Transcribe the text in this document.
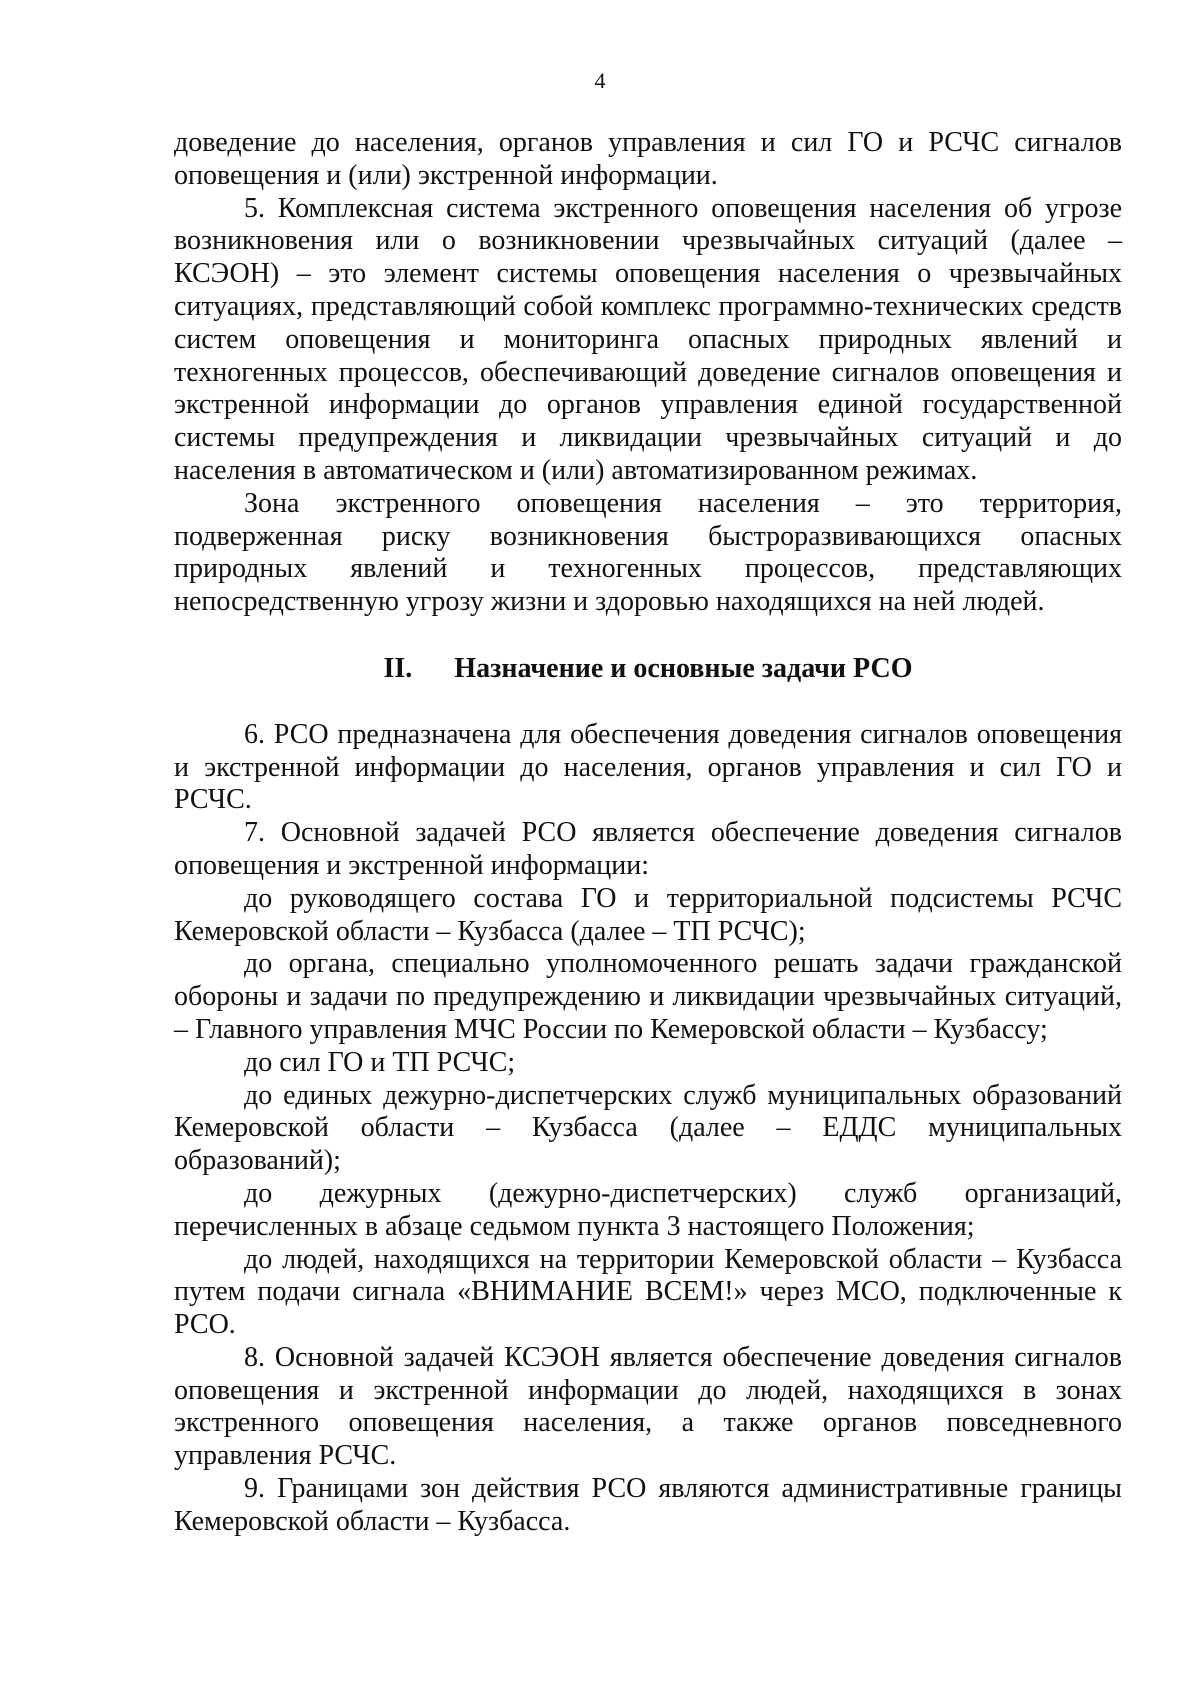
4

доведение до населения, органов управления и сил ГО и РСЧС сигналов оповещения и (или) экстренной информации.

5. Комплексная система экстренного оповещения населения об угрозе возникновения или о возникновении чрезвычайных ситуаций (далее – КСЭОН) – это элемент системы оповещения населения о чрезвычайных ситуациях, представляющий собой комплекс программно-технических средств систем оповещения и мониторинга опасных природных явлений и техногенных процессов, обеспечивающий доведение сигналов оповещения и экстренной информации до органов управления единой государственной системы предупреждения и ликвидации чрезвычайных ситуаций и до населения в автоматическом и (или) автоматизированном режимах.

Зона экстренного оповещения населения – это территория, подверженная риску возникновения быстроразвивающихся опасных природных явлений и техногенных процессов, представляющих непосредственную угрозу жизни и здоровью находящихся на ней людей.

II.      Назначение и основные задачи РСО

6. РСО предназначена для обеспечения доведения сигналов оповещения и экстренной информации до населения, органов управления и сил ГО и РСЧС.

7. Основной задачей РСО является обеспечение доведения сигналов оповещения и экстренной информации:

до руководящего состава ГО и территориальной подсистемы РСЧС Кемеровской области – Кузбасса (далее – ТП РСЧС);

до органа, специально уполномоченного решать задачи гражданской обороны и задачи по предупреждению и ликвидации чрезвычайных ситуаций, – Главного управления МЧС России по Кемеровской области – Кузбассу;

до сил ГО и ТП РСЧС;

до единых дежурно-диспетчерских служб муниципальных образований Кемеровской области – Кузбасса (далее – ЕДДС муниципальных образований);

до дежурных (дежурно-диспетчерских) служб организаций, перечисленных в абзаце седьмом пункта 3 настоящего Положения;

до людей, находящихся на территории Кемеровской области – Кузбасса путем подачи сигнала «ВНИМАНИЕ ВСЕМ!» через МСО, подключенные к РСО.

8. Основной задачей КСЭОН является обеспечение доведения сигналов оповещения и экстренной информации до людей, находящихся в зонах экстренного оповещения населения, а также органов повседневного управления РСЧС.

9. Границами зон действия РСО являются административные границы Кемеровской области – Кузбасса.
